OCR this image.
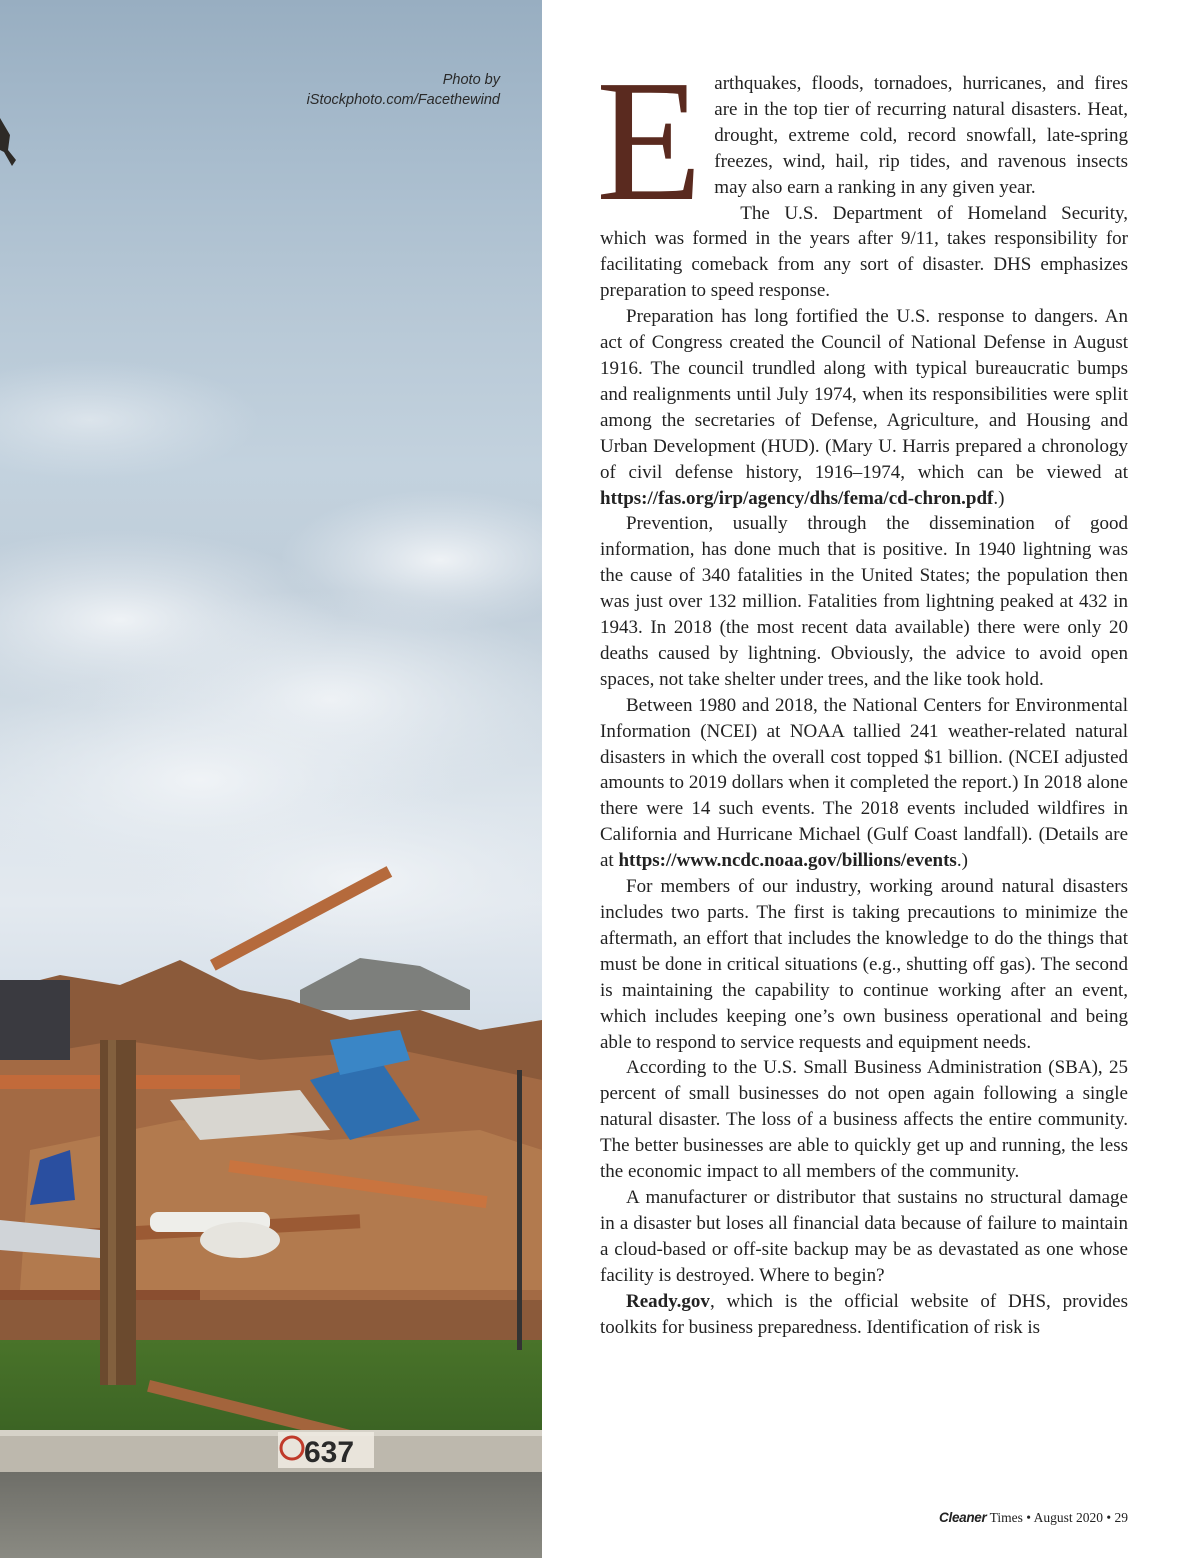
637
Photo by
iStockphoto.com/Facethewind Earthquakes, floods, tornadoes, hurricanes, and fires are in the top tier of recurring natural disasters. Heat, drought, extreme cold, record snowfall, late-spring freezes, wind, hail, rip tides, and ravenous insects may also earn a ranking in any given year.

The U.S. Department of Homeland Security, which was formed in the years after 9/11, takes responsibility for facilitating comeback from any sort of disaster. DHS emphasizes preparation to speed response.

Preparation has long fortified the U.S. response to dangers. An act of Congress created the Council of National Defense in August 1916. The council trundled along with typical bureaucratic bumps and realignments until July 1974, when its responsibilities were split among the secretaries of Defense, Agriculture, and Housing and Urban Development (HUD). (Mary U. Harris prepared a chronology of civil defense history, 1916–1974, which can be viewed at https://fas.org/irp/agency/dhs/fema/cd-chron.pdf.)

Prevention, usually through the dissemination of good information, has done much that is positive. In 1940 lightning was the cause of 340 fatalities in the United States; the population then was just over 132 million. Fatalities from lightning peaked at 432 in 1943. In 2018 (the most recent data available) there were only 20 deaths caused by lightning. Obviously, the advice to avoid open spaces, not take shelter under trees, and the like took hold.

Between 1980 and 2018, the National Centers for Environmental Information (NCEI) at NOAA tallied 241 weather-related natural disasters in which the overall cost topped $1 billion. (NCEI adjusted amounts to 2019 dollars when it completed the report.) In 2018 alone there were 14 such events. The 2018 events included wildfires in California and Hurricane Michael (Gulf Coast landfall). (Details are at https://www.ncdc.noaa.gov/billions/events.)

For members of our industry, working around natural disasters includes two parts. The first is taking precautions to minimize the aftermath, an effort that includes the knowledge to do the things that must be done in critical situations (e.g., shutting off gas). The second is maintaining the capability to continue working after an event, which includes keeping one’s own business operational and being able to respond to service requests and equipment needs.

According to the U.S. Small Business Administration (SBA), 25 percent of small businesses do not open again following a single natural disaster. The loss of a business affects the entire community. The better businesses are able to quickly get up and running, the less the economic impact to all members of the community.

A manufacturer or distributor that sustains no structural damage in a disaster but loses all financial data because of failure to maintain a cloud-based or off-site backup may be as devastated as one whose facility is destroyed. Where to begin?

Ready.gov, which is the official website of DHS, provides toolkits for business preparedness. Identification of risk is

Cleaner Times • August 2020 • 29
